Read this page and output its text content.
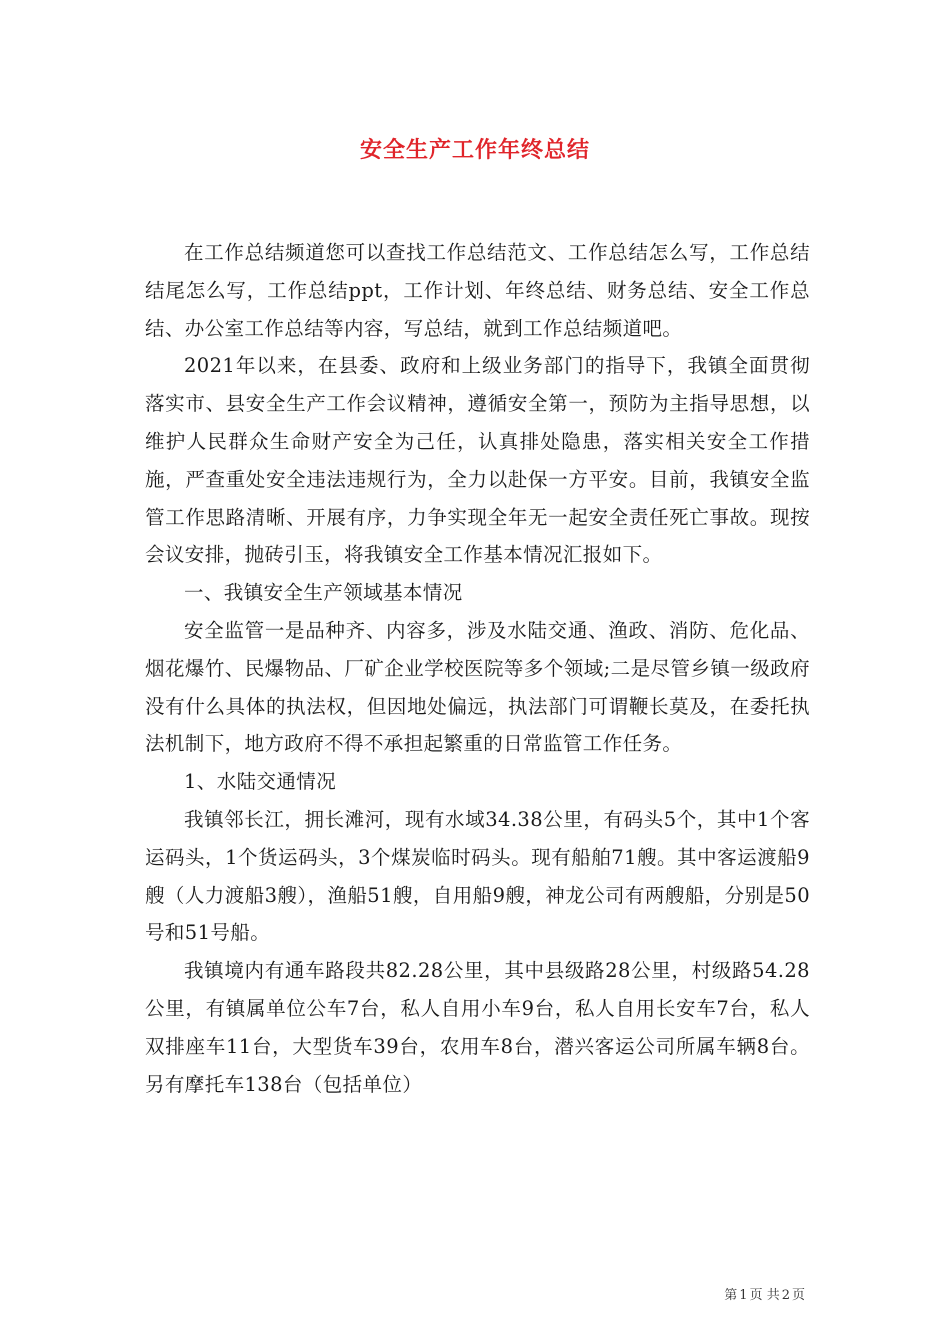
安全生产工作年终总结

在工作总结频道您可以查找工作总结范文、工作总结怎么写，工作总结结尾怎么写，工作总结ppt，工作计划、年终总结、财务总结、安全工作总结、办公室工作总结等内容，写总结，就到工作总结频道吧。

2021年以来，在县委、政府和上级业务部门的指导下，我镇全面贯彻落实市、县安全生产工作会议精神，遵循安全第一，预防为主指导思想，以维护人民群众生命财产安全为己任，认真排处隐患，落实相关安全工作措施，严查重处安全违法违规行为，全力以赴保一方平安。目前，我镇安全监管工作思路清晰、开展有序，力争实现全年无一起安全责任死亡事故。现按会议安排，抛砖引玉，将我镇安全工作基本情况汇报如下。

一、我镇安全生产领域基本情况

安全监管一是品种齐、内容多，涉及水陆交通、渔政、消防、危化品、烟花爆竹、民爆物品、厂矿企业学校医院等多个领域;二是尽管乡镇一级政府没有什么具体的执法权，但因地处偏远，执法部门可谓鞭长莫及，在委托执法机制下，地方政府不得不承担起繁重的日常监管工作任务。

1、水陆交通情况

我镇邻长江，拥长滩河，现有水域34.38公里，有码头5个，其中1个客运码头，1个货运码头，3个煤炭临时码头。现有船舶71艘。其中客运渡船9艘（人力渡船3艘），渔船51艘，自用船9艘，神龙公司有两艘船，分别是50号和51号船。

我镇境内有通车路段共82.28公里，其中县级路28公里，村级路54.28公里，有镇属单位公车7台，私人自用小车9台，私人自用长安车7台，私人双排座车11台，大型货车39台，农用车8台，潜兴客运公司所属车辆8台。另有摩托车138台（包括单位）

第 1 页 共 2 页
